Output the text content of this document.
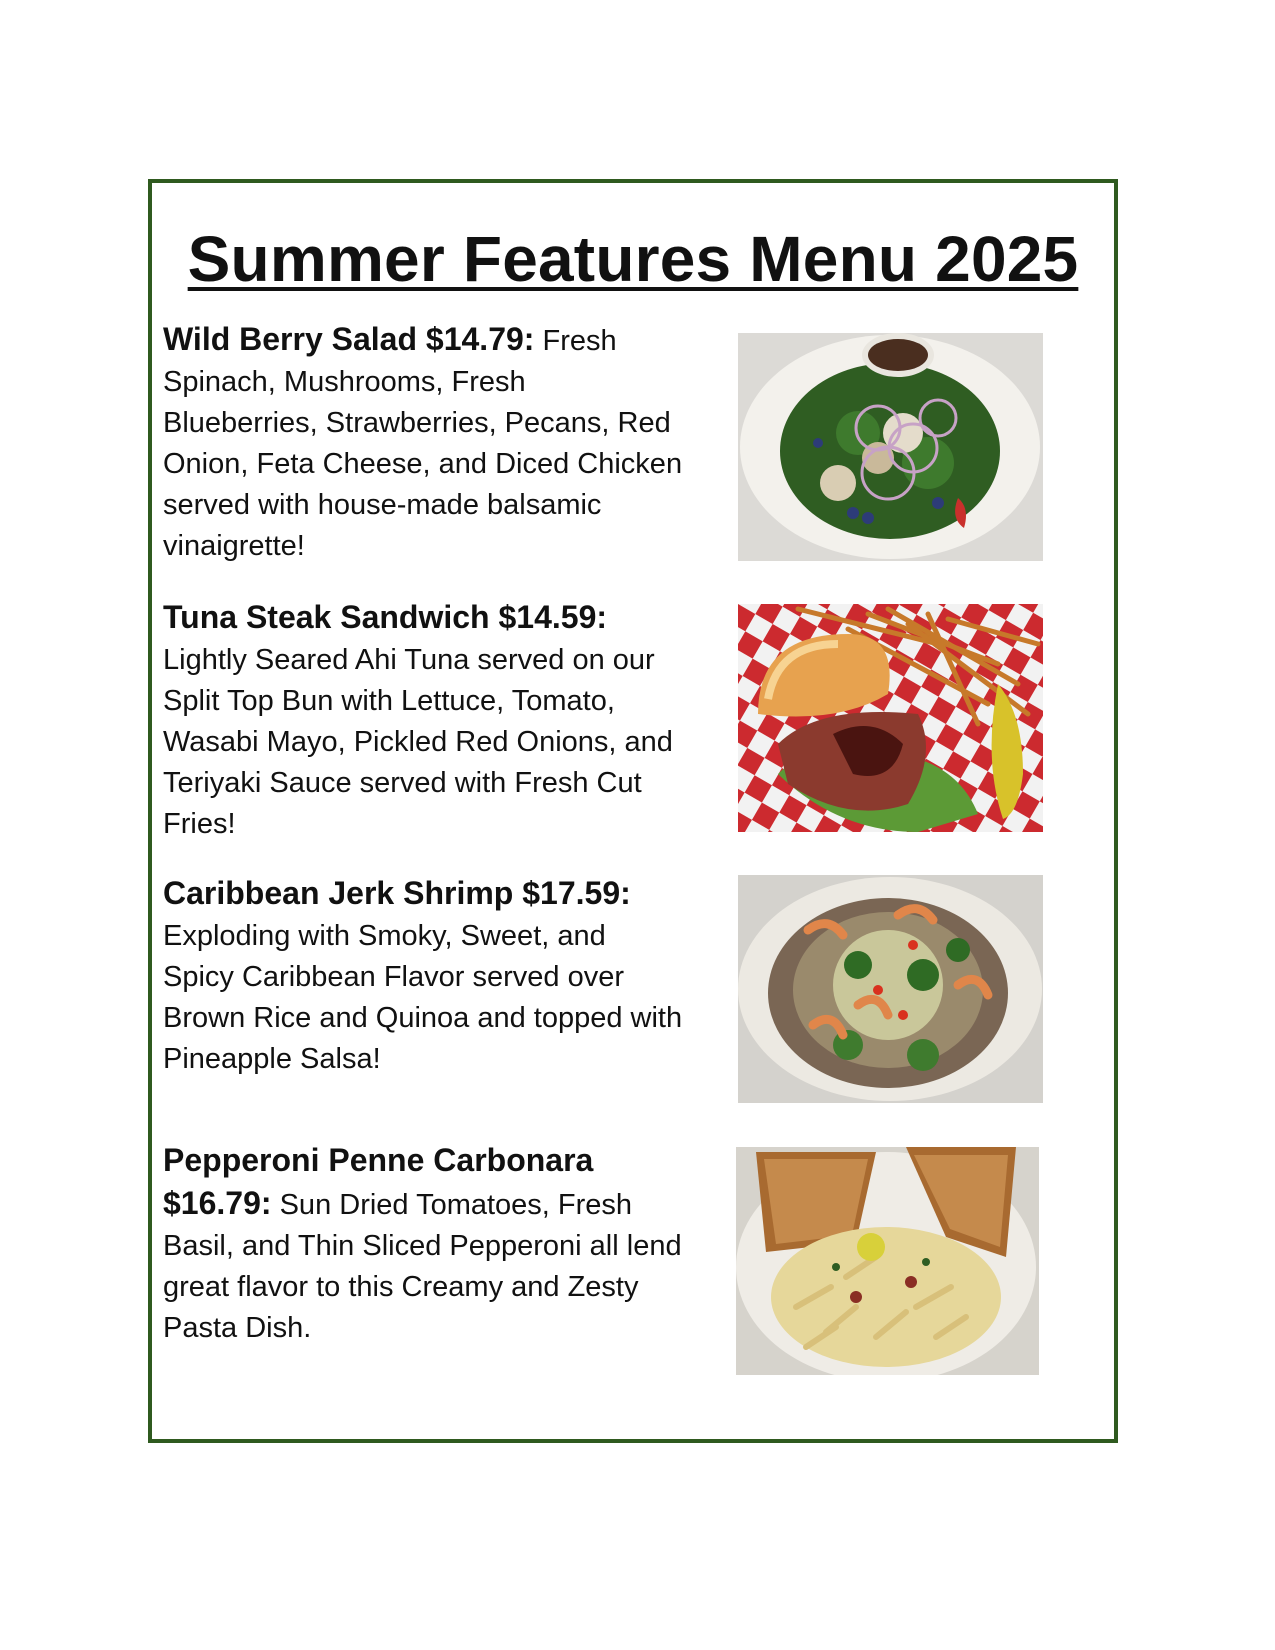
Summer Features Menu 2025
Wild Berry Salad $14.79: Fresh Spinach, Mushrooms, Fresh Blueberries, Strawberries, Pecans, Red Onion, Feta Cheese, and Diced Chicken served with house-made balsamic vinaigrette!
Tuna Steak Sandwich $14.59: Lightly Seared Ahi Tuna served on our Split Top Bun with Lettuce, Tomato, Wasabi Mayo, Pickled Red Onions, and Teriyaki Sauce served with Fresh Cut Fries!
Caribbean Jerk Shrimp $17.59: Exploding with Smoky, Sweet, and Spicy Caribbean Flavor served over Brown Rice and Quinoa and topped with Pineapple Salsa!
Pepperoni Penne Carbonara $16.79: Sun Dried Tomatoes, Fresh Basil, and Thin Sliced Pepperoni all lend great flavor to this Creamy and Zesty Pasta Dish.
